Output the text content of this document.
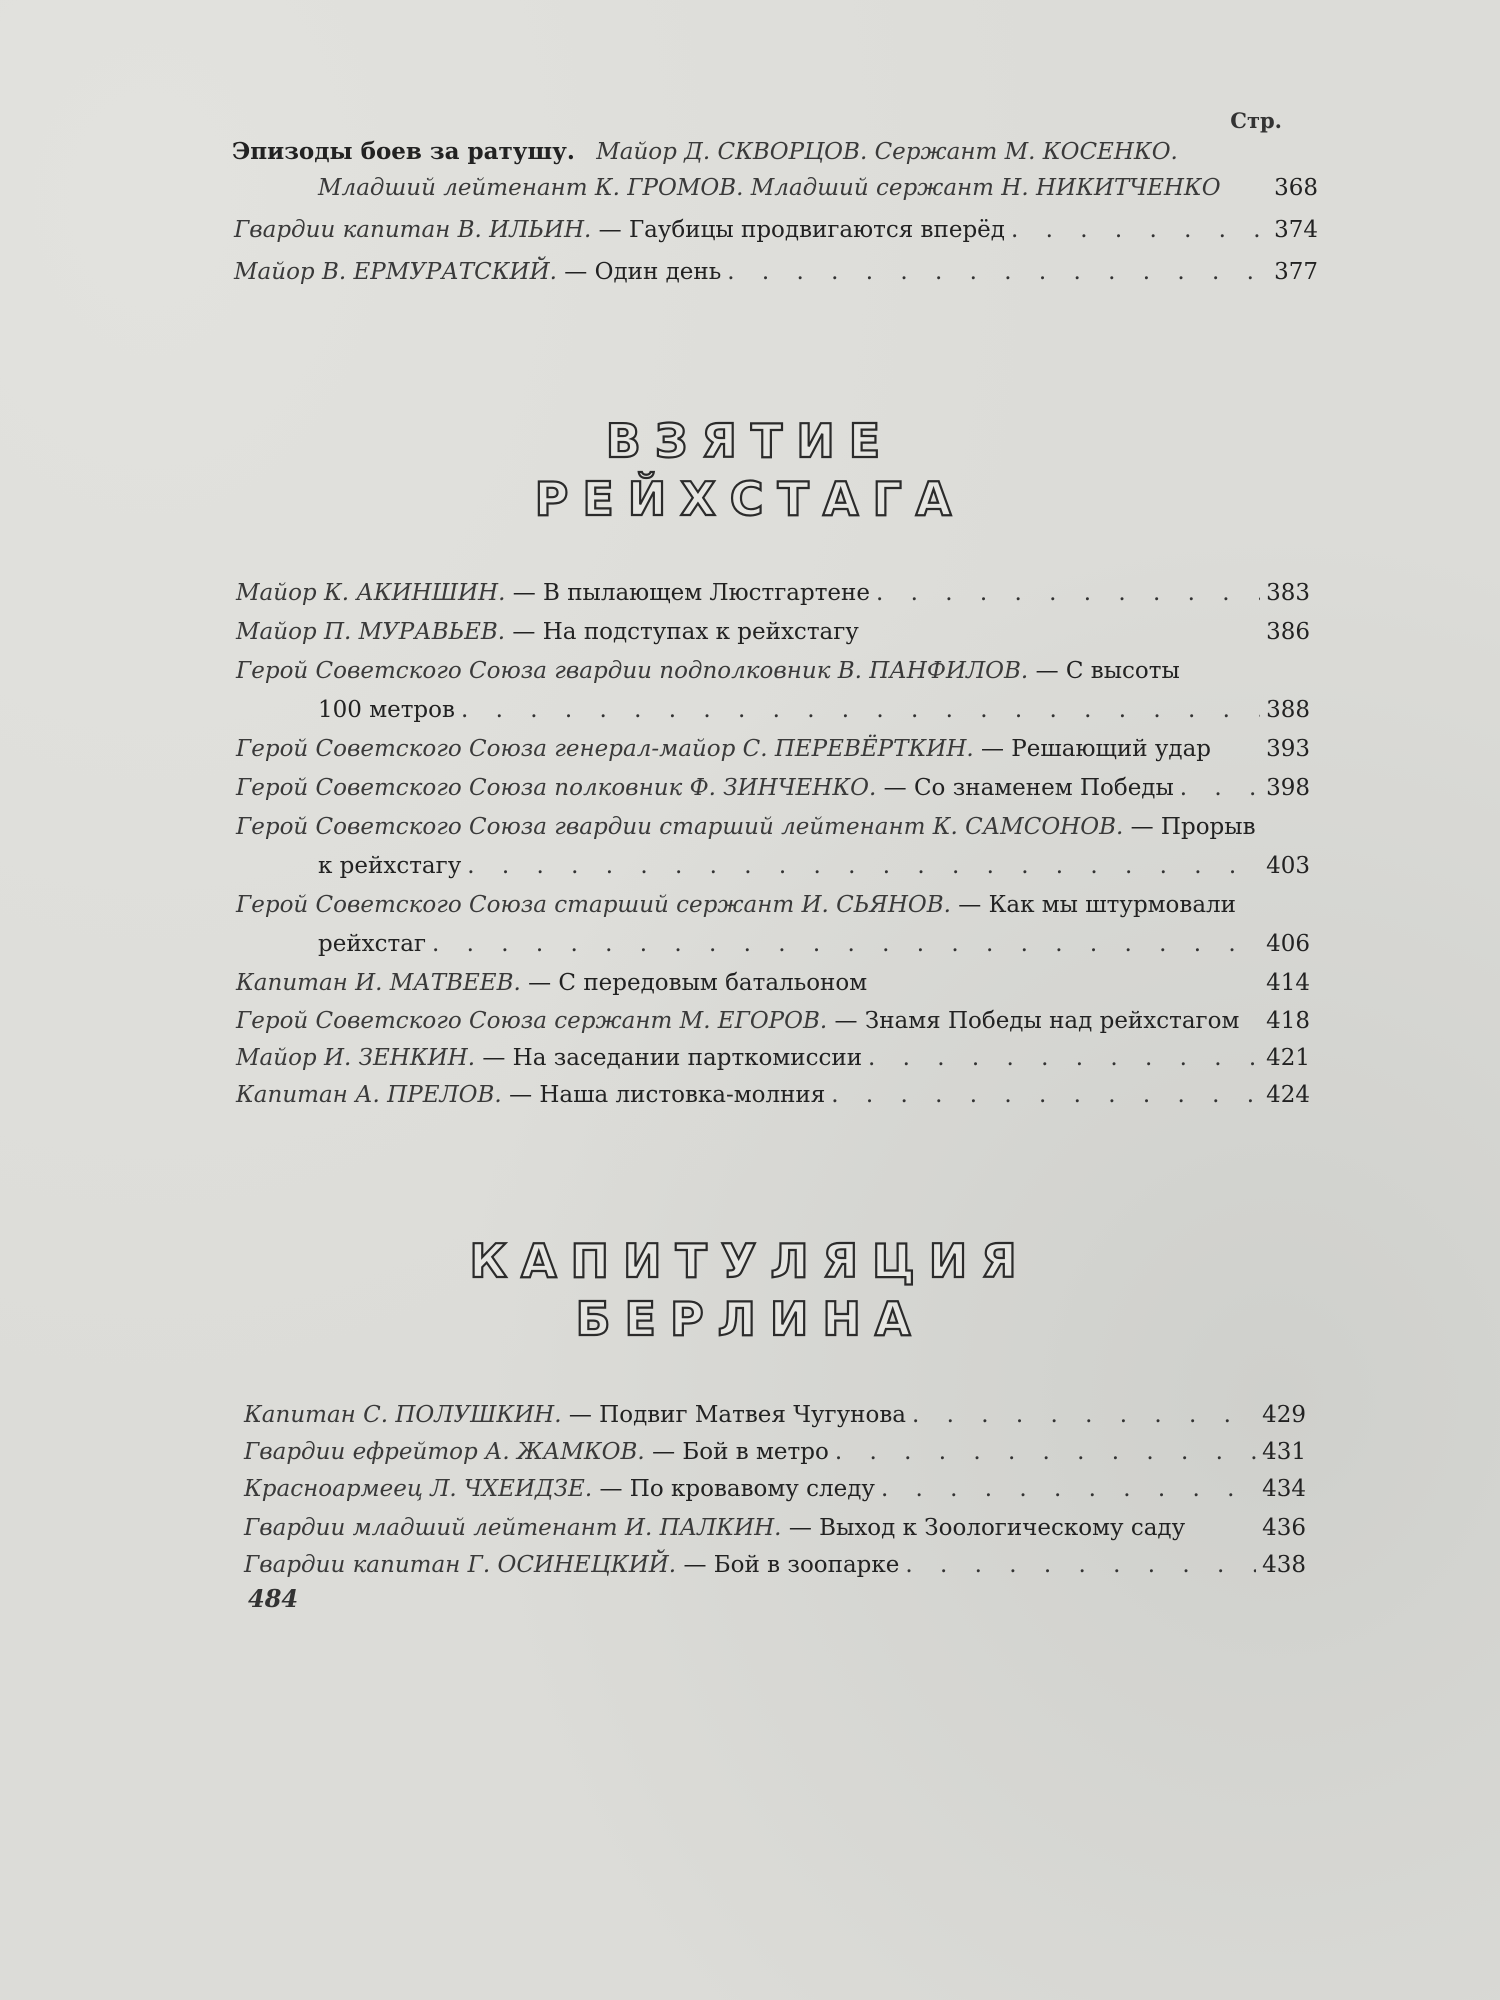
Стр.
Эпизоды боев за ратушу. Майор Д. СКВОРЦОВ. Сержант М. КОСЕНКО.
Младший лейтенант К. ГРОМОВ. Младший сержант Н. НИКИТЧЕНКО 368
Гвардии капитан В. ИЛЬИН. — Гаубицы продвигаются вперёд . . .	374
Майор В. ЕРМУРАТСКИЙ. — Один день . . .	377
ВЗЯТИЕ
РЕЙХСТАГА
Майор К. АКИНШИН. — В пылающем Люстгартене . . .	383
Майор П. МУРАВЬЕВ. — На подступах к рейхстагу	386
Герой Советского Союза гвардии подполковник В. ПАНФИЛОВ. — С высоты
100 метров . . .	388
Герой Советского Союза генерал-майор С. ПЕРЕВЁРТКИН. — Решающий удар 393
Герой Советского Союза полковник Ф. ЗИНЧЕНКО. — Со знаменем Победы . . .	398
Герой Советского Союза гвардии старший лейтенант К. САМСОНОВ. — Прорыв
к рейхстагу . . .	403
Герой Советского Союза старший сержант И. СЬЯНОВ. — Как мы штурмовали
рейхстаг . . .	406
Капитан И. МАТВЕЕВ. — С передовым батальоном	414
Герой Советского Союза сержант М. ЕГОРОВ. — Знамя Победы над рейхстагом 418
Майор И. ЗЕНКИН. — На заседании парткомиссии . . .	421
Капитан А. ПРЕЛОВ. — Наша листовка-молния . . .	424
КАПИТУЛЯЦИЯ
БЕРЛИНА
Капитан С. ПОЛУШКИН. — Подвиг Матвея Чугунова . . .	429
Гвардии ефрейтор А. ЖАМКОВ. — Бой в метро . . .	431
Красноармеец Л. ЧХЕИДЗЕ. — По кровавому следу . . .	434
Гвардии младший лейтенант И. ПАЛКИН. — Выход к Зоологическому саду	436
Гвардии капитан Г. ОСИНЕЦКИЙ. — Бой в зоопарке . . .	438
484
